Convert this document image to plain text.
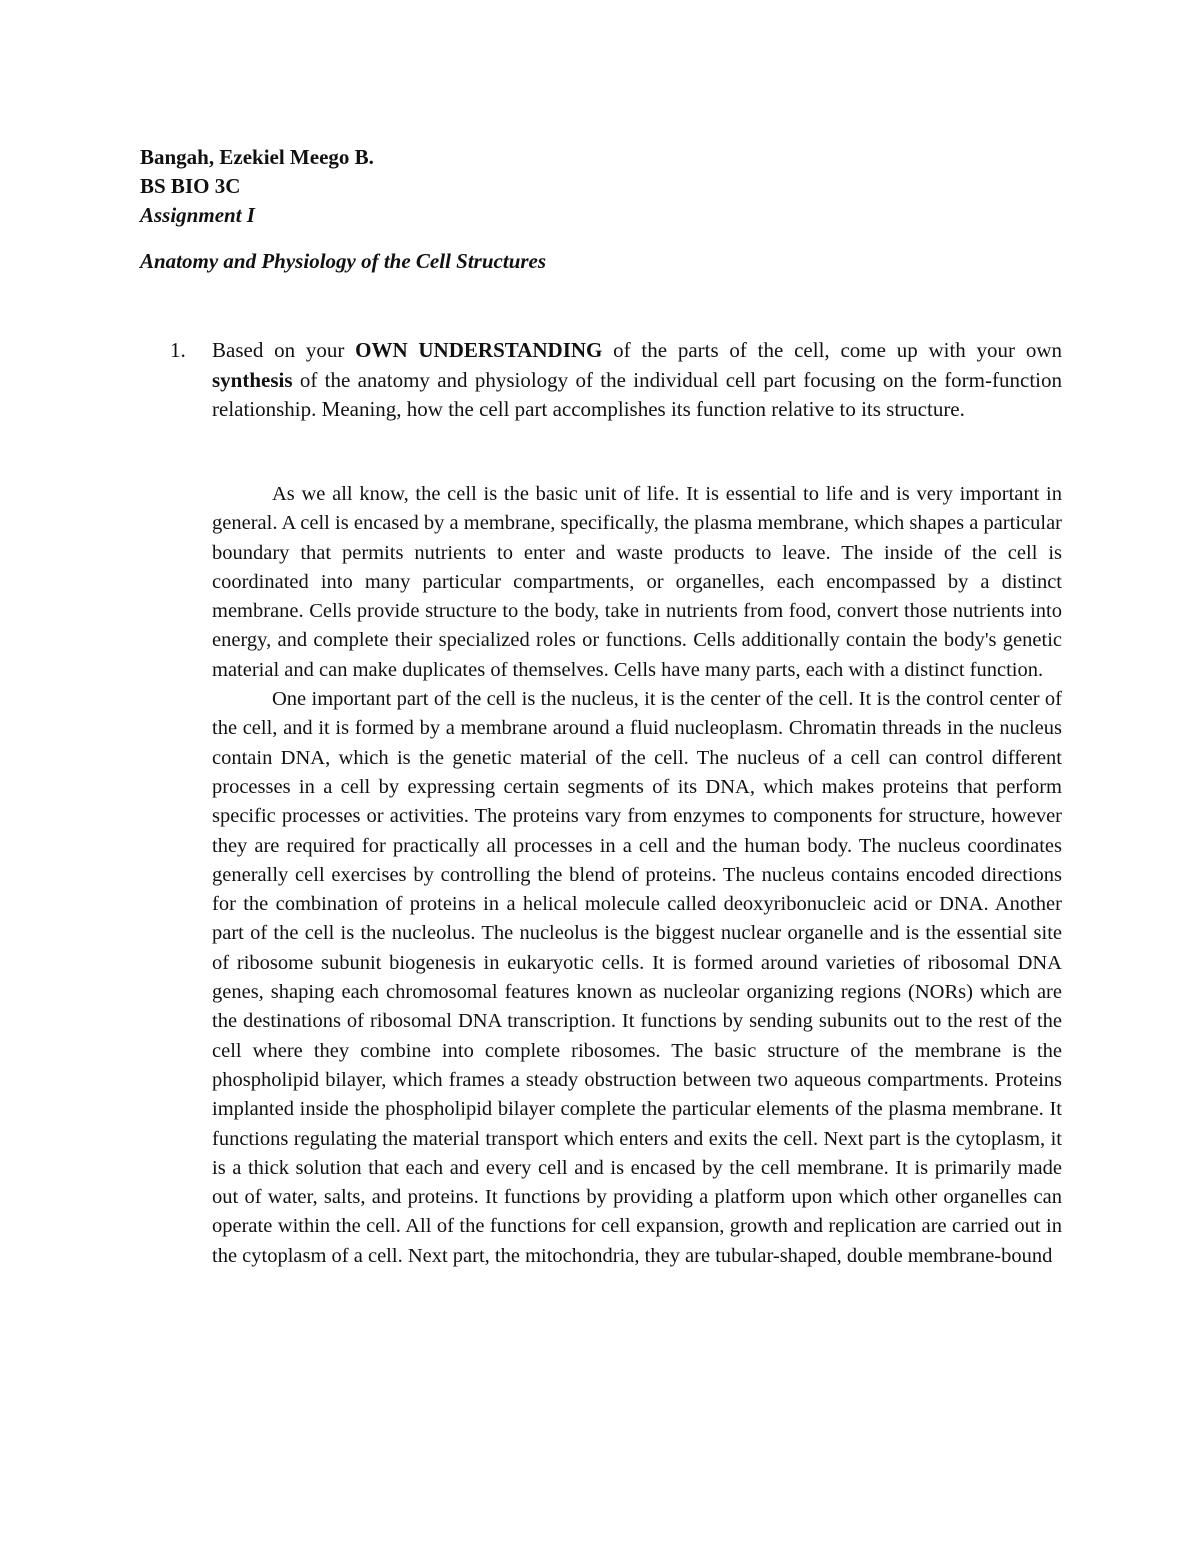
Bangah, Ezekiel Meego B.
BS BIO 3C
Assignment I
Anatomy and Physiology of the Cell Structures
1.	Based on your OWN UNDERSTANDING of the parts of the cell, come up with your own synthesis of the anatomy and physiology of the individual cell part focusing on the form-function relationship. Meaning, how the cell part accomplishes its function relative to its structure.

As we all know, the cell is the basic unit of life. It is essential to life and is very important in general. A cell is encased by a membrane, specifically, the plasma membrane, which shapes a particular boundary that permits nutrients to enter and waste products to leave. The inside of the cell is coordinated into many particular compartments, or organelles, each encompassed by a distinct membrane. Cells provide structure to the body, take in nutrients from food, convert those nutrients into energy, and complete their specialized roles or functions. Cells additionally contain the body's genetic material and can make duplicates of themselves. Cells have many parts, each with a distinct function.

One important part of the cell is the nucleus, it is the center of the cell. It is the control center of the cell, and it is formed by a membrane around a fluid nucleoplasm. Chromatin threads in the nucleus contain DNA, which is the genetic material of the cell. The nucleus of a cell can control different processes in a cell by expressing certain segments of its DNA, which makes proteins that perform specific processes or activities. The proteins vary from enzymes to components for structure, however they are required for practically all processes in a cell and the human body. The nucleus coordinates generally cell exercises by controlling the blend of proteins. The nucleus contains encoded directions for the combination of proteins in a helical molecule called deoxyribonucleic acid or DNA. Another part of the cell is the nucleolus. The nucleolus is the biggest nuclear organelle and is the essential site of ribosome subunit biogenesis in eukaryotic cells. It is formed around varieties of ribosomal DNA genes, shaping each chromosomal features known as nucleolar organizing regions (NORs) which are the destinations of ribosomal DNA transcription. It functions by sending subunits out to the rest of the cell where they combine into complete ribosomes. The basic structure of the membrane is the phospholipid bilayer, which frames a steady obstruction between two aqueous compartments. Proteins implanted inside the phospholipid bilayer complete the particular elements of the plasma membrane. It functions regulating the material transport which enters and exits the cell. Next part is the cytoplasm, it is a thick solution that each and every cell and is encased by the cell membrane. It is primarily made out of water, salts, and proteins. It functions by providing a platform upon which other organelles can operate within the cell. All of the functions for cell expansion, growth and replication are carried out in the cytoplasm of a cell. Next part, the mitochondria, they are tubular-shaped, double membrane-bound
